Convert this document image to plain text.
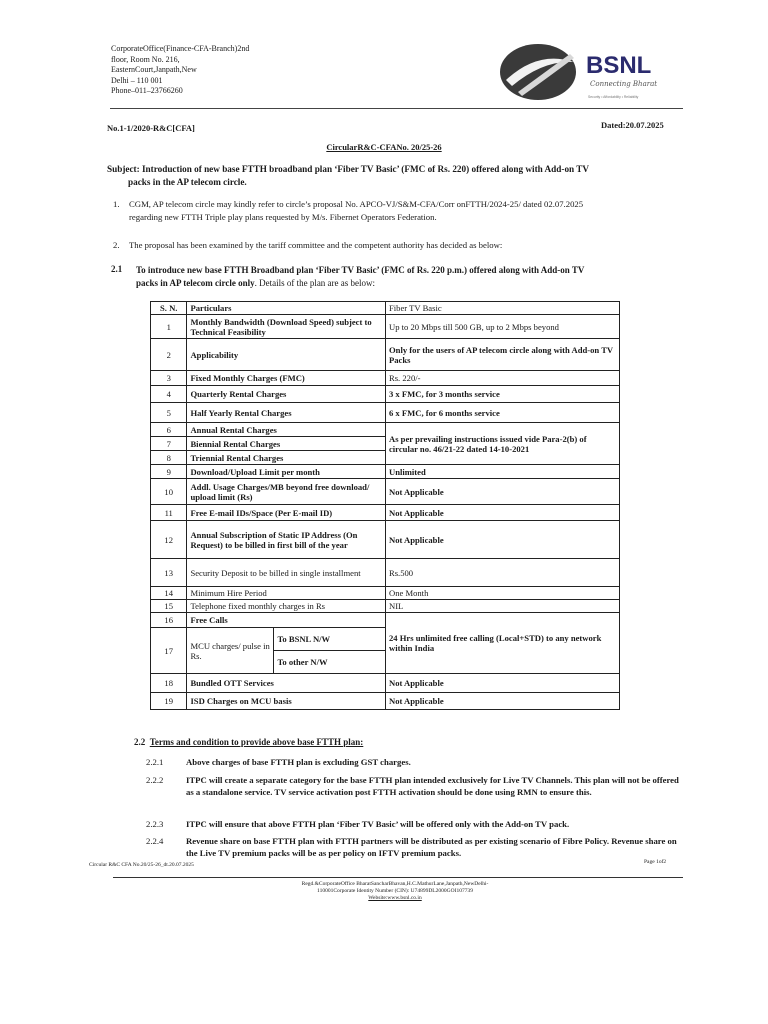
CorporateOffice(Finance-CFA-Branch)2nd
floor, Room No. 216,
EasternCourt,Janpath,New
Delhi – 110 001
Phone–011–23766260
BSNL
Connecting Bharat
Security • Affordability • Reliability
No.1-1/2020-R&C[CFA]	Dated:20.07.2025
CircularR&C-CFANo. 20/25-26
Subject: Introduction of new base FTTH broadband plan ‘Fiber TV Basic’ (FMC of Rs. 220) offered along with Add-on TV
packs in the AP telecom circle.
1. CGM, AP telecom circle may kindly refer to circle’s proposal No. APCO-VJ/S&M-CFA/Corr onFTTH/2024-25/ dated 02.07.2025
regarding new FTTH Triple play plans requested by M/s. Fibernet Operators Federation.
2. The proposal has been examined by the tariff committee and the competent authority has decided as below:
2.1 To introduce new base FTTH Broadband plan ‘Fiber TV Basic’ (FMC of Rs. 220 p.m.) offered along with Add-on TV
packs in AP telecom circle only. Details of the plan are as below:
S. N.	Particulars	Fiber TV Basic
1	Monthly Bandwidth (Download Speed) subject to Technical Feasibility	Up to 20 Mbps till 500 GB, up to 2 Mbps beyond
2	Applicability	Only for the users of AP telecom circle along with Add-on TV Packs
3	Fixed Monthly Charges (FMC)	Rs. 220/-
4	Quarterly Rental Charges	3 x FMC, for 3 months service
5	Half Yearly Rental Charges	6 x FMC, for 6 months service
6	Annual Rental Charges	As per prevailing instructions issued vide Para-2(b) of circular no. 46/21-22 dated 14-10-2021
7	Biennial Rental Charges
8	Triennial Rental Charges
9	Download/Upload Limit per month	Unlimited
10	Addl. Usage Charges/MB beyond free download/ upload limit (Rs)	Not Applicable
11	Free E-mail IDs/Space (Per E-mail ID)	Not Applicable
12	Annual Subscription of Static IP Address (On Request) to be billed in first bill of the year	Not Applicable
13	Security Deposit to be billed in single installment	Rs.500
14	Minimum Hire Period	One Month
15	Telephone fixed monthly charges in Rs	NIL
16	Free Calls	24 Hrs unlimited free calling (Local+STD) to any network within India
17	MCU charges/ pulse in Rs.	To BSNL N/W
To other N/W

18	Bundled OTT Services	Not Applicable
19	ISD Charges on MCU basis	Not Applicable
2.2 Terms and condition to provide above base FTTH plan:
2.2.1	Above charges of base FTTH plan is excluding GST charges.
2.2.2	ITPC will create a separate category for the base FTTH plan intended exclusively for Live TV Channels. This plan will not be offered as a standalone service. TV service activation post FTTH activation should be done using RMN to ensure this.
2.2.3	ITPC will ensure that above FTTH plan ‘Fiber TV Basic’ will be offered only with the Add-on TV pack.
2.2.4	Revenue share on base FTTH plan with FTTH partners will be distributed as per existing scenario of Fibre Policy. Revenue share on the Live TV premium packs will be as per policy on IFTV premium packs.
Circular R&C CFA No.20/25-26_dt.20.07.2025	Page 1of2
Regd.&CorporateOffice BharatSancharBhavan,H.C.MathurLane,Janpath,NewDelhi-
110001Corporate Identity Number (CIN): U74899DL2000GOI107739
Website:www.bsnl.co.in
